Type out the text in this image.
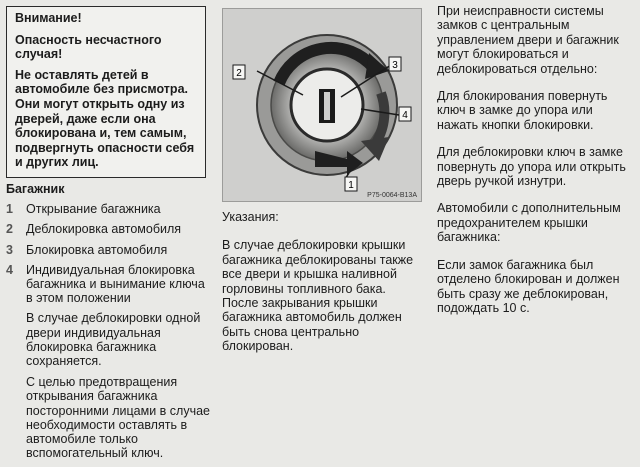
Внимание!

Опасность несчастного случая!

Не оставлять детей в автомобиле без присмотра. Они могут открыть одну из дверей, даже если она блокирована и, тем самым, подвергнуть опасности себя и других лиц.

Багажник
1	Открывание багажника
2	Деблокировка автомобиля
3	Блокировка автомобиля
4	Индивидуальная блокировка багажника и вынимание ключа в этом положении

В случае деблокировки одной двери индивидуальная блокировка багажника сохраняется.

С целью предотвращения открывания багажника посторонними лицами в случае необходимости оставлять в автомобиле только вспомогательный ключ.

1
2
3
4
P75-0064-B13A

Указания:

В случае деблокировки крышки багажника деблокированы также все двери и крышка наливной горловины топливного бака. После закрывания крышки багажника автомобиль должен быть снова центрально блокирован.

При неисправности системы замков с центральным управлением двери и багажник могут блокироваться и деблокироваться отдельно:

Для блокирования повернуть ключ в замке до упора или нажать кнопки блокировки.

Для деблокировки ключ в замке повернуть до упора или открыть дверь ручкой изнутри.

Автомобили с дополнительным предохранителем крышки багажника:

Если замок багажника был отделено блокирован и должен быть сразу же деблокирован, подождать 10 с.
